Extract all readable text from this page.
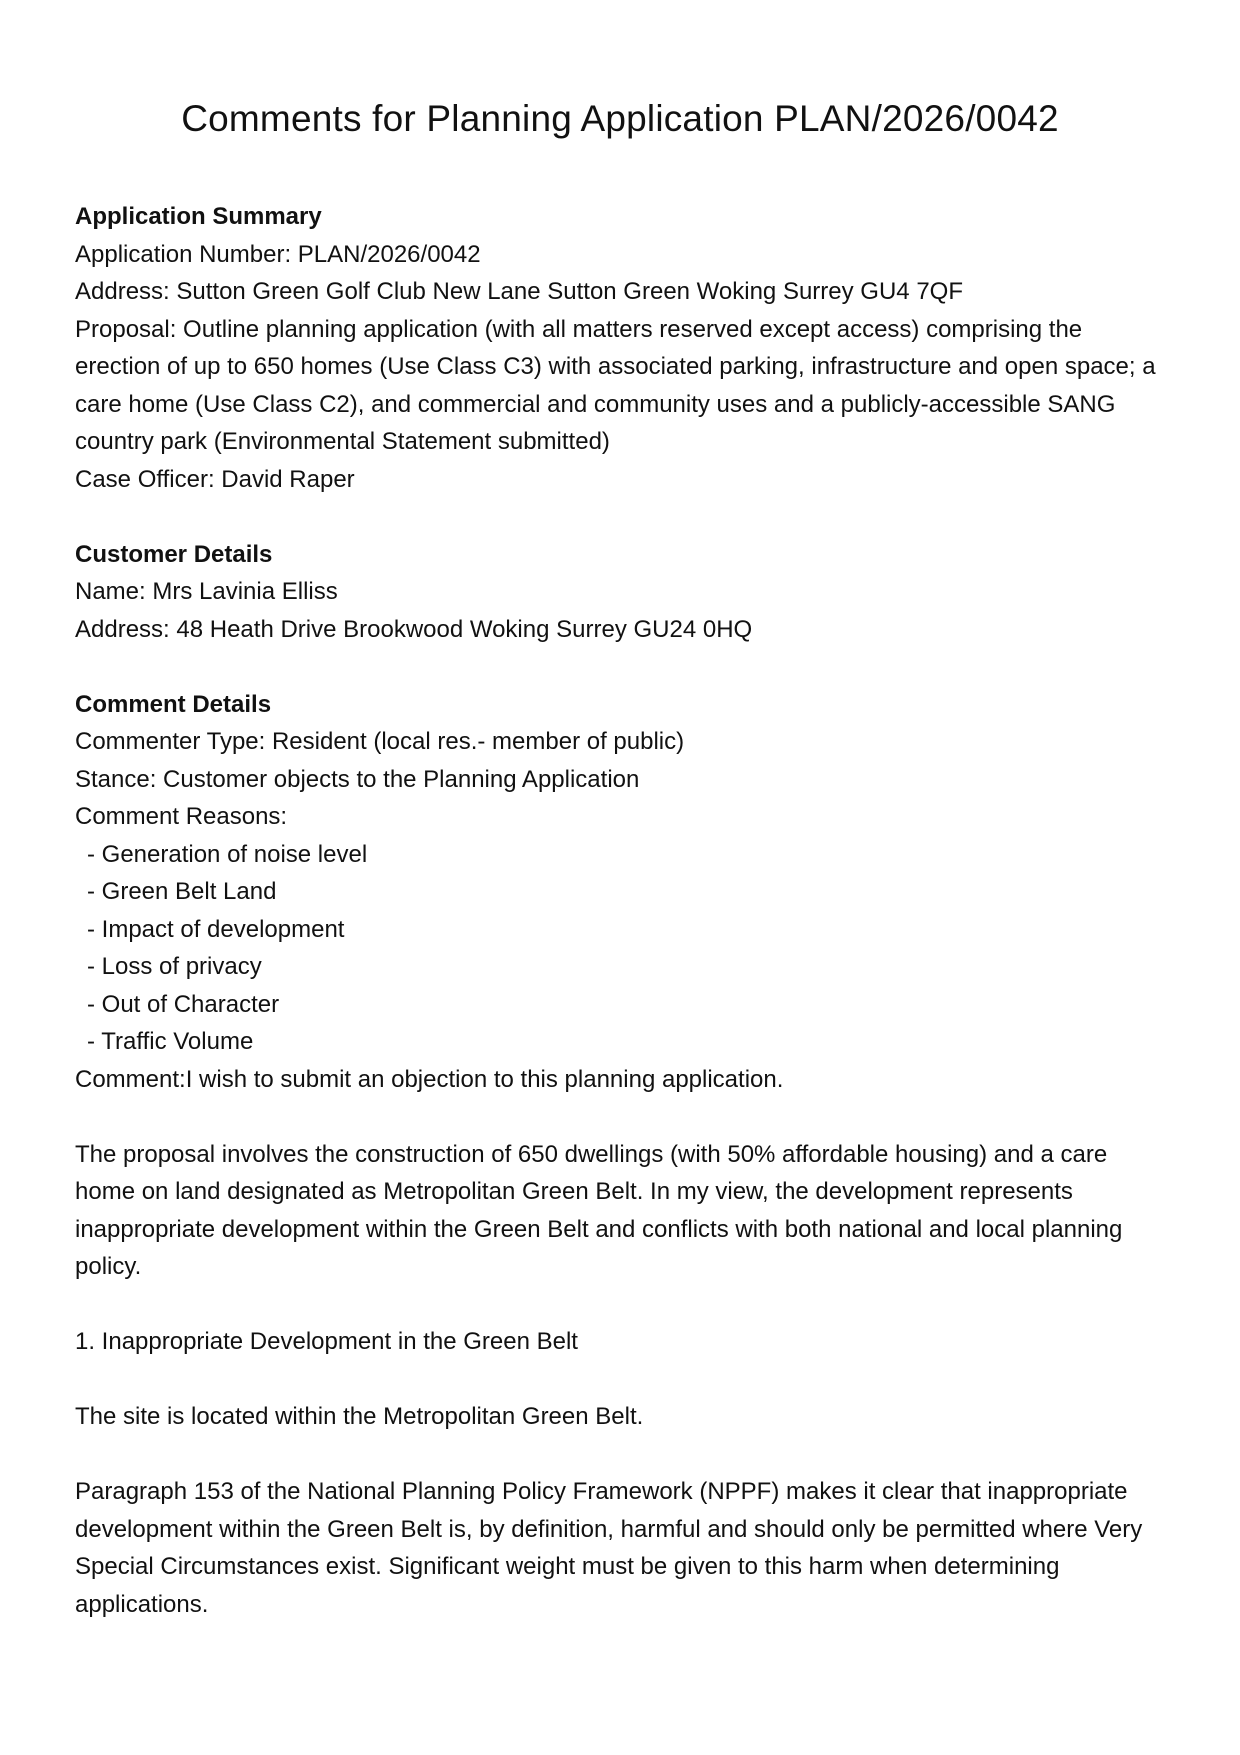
Comments for Planning Application PLAN/2026/0042
Application Summary
Application Number: PLAN/2026/0042
Address: Sutton Green Golf Club New Lane Sutton Green Woking Surrey GU4 7QF
Proposal: Outline planning application (with all matters reserved except access) comprising the erection of up to 650 homes (Use Class C3) with associated parking, infrastructure and open space; a care home (Use Class C2), and commercial and community uses and a publicly-accessible SANG country park (Environmental Statement submitted)
Case Officer: David Raper
Customer Details
Name: Mrs Lavinia Elliss
Address: 48 Heath Drive Brookwood Woking Surrey GU24 0HQ
Comment Details
Commenter Type: Resident (local res.- member of public)
Stance: Customer objects to the Planning Application
Comment Reasons:
- Generation of noise level
- Green Belt Land
- Impact of development
- Loss of privacy
- Out of Character
- Traffic Volume
Comment:I wish to submit an objection to this planning application.

The proposal involves the construction of 650 dwellings (with 50% affordable housing) and a care home on land designated as Metropolitan Green Belt. In my view, the development represents inappropriate development within the Green Belt and conflicts with both national and local planning policy.

1. Inappropriate Development in the Green Belt

The site is located within the Metropolitan Green Belt.

Paragraph 153 of the National Planning Policy Framework (NPPF) makes it clear that inappropriate development within the Green Belt is, by definition, harmful and should only be permitted where Very Special Circumstances exist. Significant weight must be given to this harm when determining applications.
